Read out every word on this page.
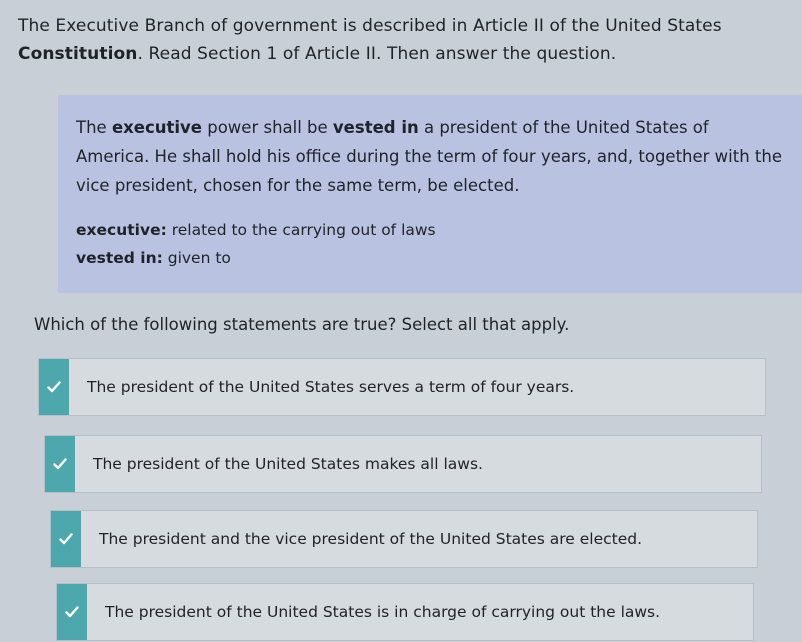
The Executive Branch of government is described in Article II of the United States
Constitution. Read Section 1 of Article II. Then answer the question.

The executive power shall be vested in a president of the United States of America. He shall hold his office during the term of four years, and, together with the vice president, chosen for the same term, be elected.

executive: related to the carrying out of laws

vested in: given to

Which of the following statements are true? Select all that apply.
The president of the United States serves a term of four years.
The president of the United States makes all laws.
The president and the vice president of the United States are elected.
The president of the United States is in charge of carrying out the laws.
